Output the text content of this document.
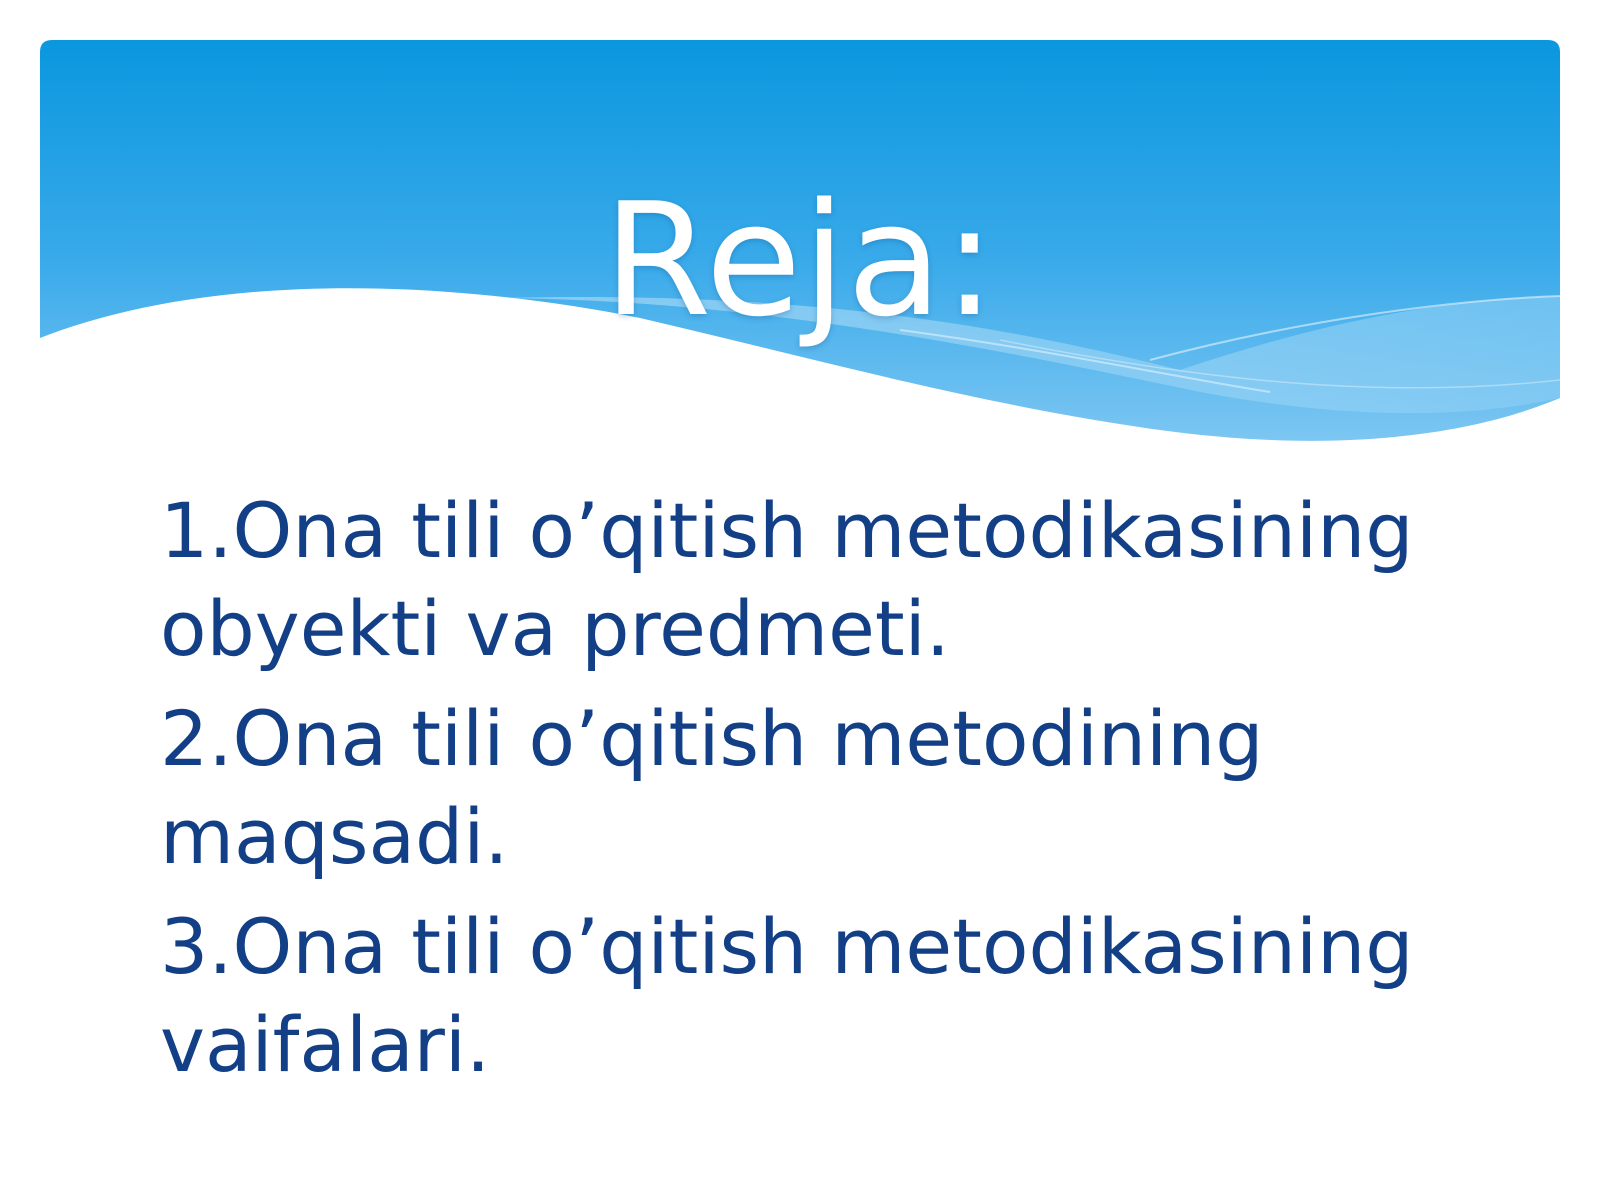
Reja:
1.Ona tili o’qitish metodikasining obyekti va predmeti.
2.Ona tili o’qitish metodining maqsadi.
3.Ona tili o’qitish metodikasining vaifalari.
